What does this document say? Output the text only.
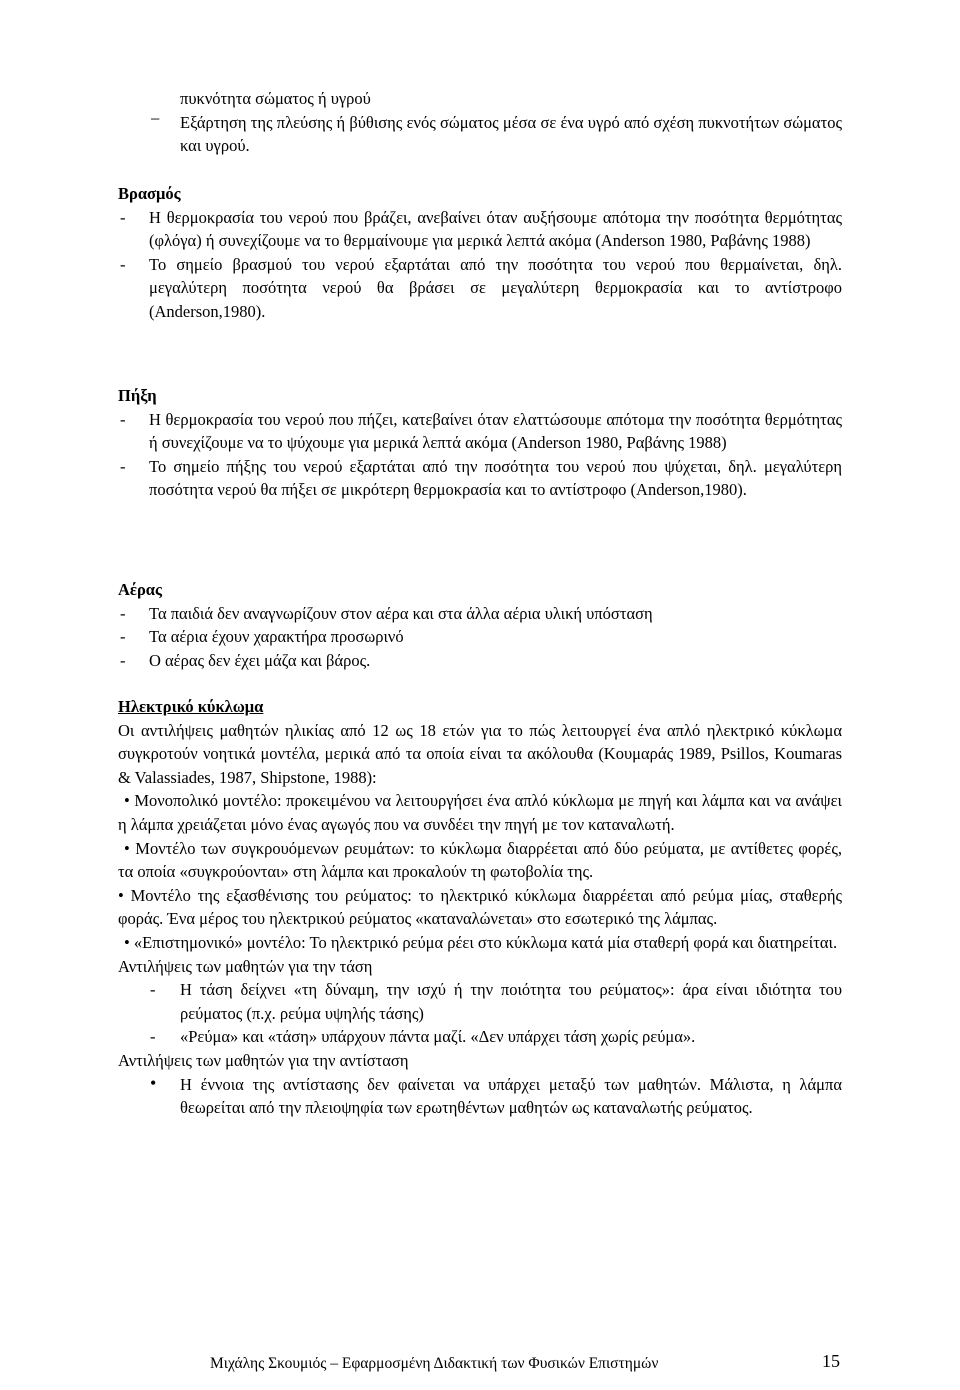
πυκνότητα σώματος ή υγρού

− Εξάρτηση της πλεύσης ή βύθισης ενός σώματος μέσα σε ένα υγρό από σχέση πυκνοτήτων σώματος και υγρού.

Βρασμός

- Η θερμοκρασία του νερού που βράζει, ανεβαίνει όταν αυξήσουμε απότομα την ποσότητα θερμότητας (φλόγα) ή συνεχίζουμε να το θερμαίνουμε για μερικά λεπτά ακόμα (Anderson 1980, Ραβάνης 1988)

- Το σημείο βρασμού του νερού εξαρτάται από την ποσότητα του νερού που θερμαίνεται, δηλ. μεγαλύτερη ποσότητα νερού θα βράσει σε μεγαλύτερη θερμοκρασία και το αντίστροφο (Anderson,1980).

Πήξη

- Η θερμοκρασία του νερού που πήζει, κατεβαίνει όταν ελαττώσουμε απότομα την ποσότητα θερμότητας ή συνεχίζουμε να το ψύχουμε για μερικά λεπτά ακόμα (Anderson 1980, Ραβάνης 1988)

- Το σημείο πήξης του νερού εξαρτάται από την ποσότητα του νερού που ψύχεται, δηλ. μεγαλύτερη ποσότητα νερού θα πήξει σε μικρότερη θερμοκρασία και το αντίστροφο (Anderson,1980).

Αέρας

- Τα παιδιά δεν αναγνωρίζουν στον αέρα και στα άλλα αέρια υλική υπόσταση

- Τα αέρια έχουν χαρακτήρα προσωρινό

- Ο αέρας δεν έχει μάζα και βάρος.

Ηλεκτρικό κύκλωμα

Οι αντιλήψεις μαθητών ηλικίας από 12 ως 18 ετών για το πώς λειτουργεί ένα απλό ηλεκτρικό κύκλωμα συγκροτούν νοητικά μοντέλα, μερικά από τα οποία είναι τα ακόλουθα (Κουμαράς 1989, Psillos, Koumaras & Valassiades, 1987, Shipstone, 1988):

• Μονοπολικό μοντέλο: προκειμένου να λειτουργήσει ένα απλό κύκλωμα με πηγή και λάμπα και να ανάψει η λάμπα χρειάζεται μόνο ένας αγωγός που να συνδέει την πηγή με τον καταναλωτή.

• Μοντέλο των συγκρουόμενων ρευμάτων: το κύκλωμα διαρρέεται από δύο ρεύματα, με αντίθετες φορές, τα οποία «συγκρούονται» στη λάμπα και προκαλούν τη φωτοβολία της.

• Μοντέλο της εξασθένισης του ρεύματος: το ηλεκτρικό κύκλωμα διαρρέεται από ρεύμα μίας, σταθερής φοράς. Ένα μέρος του ηλεκτρικού ρεύματος «καταναλώνεται» στο εσωτερικό της λάμπας.

• «Επιστημονικό» μοντέλο: Το ηλεκτρικό ρεύμα ρέει στο κύκλωμα κατά μία σταθερή φορά και διατηρείται.

Αντιλήψεις των μαθητών για την τάση

- Η τάση δείχνει «τη δύναμη, την ισχύ ή την ποιότητα του ρεύματος»: άρα είναι ιδιότητα του ρεύματος (π.χ. ρεύμα υψηλής τάσης)

- «Ρεύμα» και «τάση» υπάρχουν πάντα μαζί. «Δεν υπάρχει τάση χωρίς ρεύμα».

Αντιλήψεις των μαθητών για την αντίσταση

• Η έννοια της αντίστασης δεν φαίνεται να υπάρχει μεταξύ των μαθητών. Μάλιστα, η λάμπα θεωρείται από την πλειοψηφία των ερωτηθέντων μαθητών ως καταναλωτής ρεύματος.

Μιχάλης Σκουμιός – Εφαρμοσμένη Διδακτική των Φυσικών Επιστημών	15
